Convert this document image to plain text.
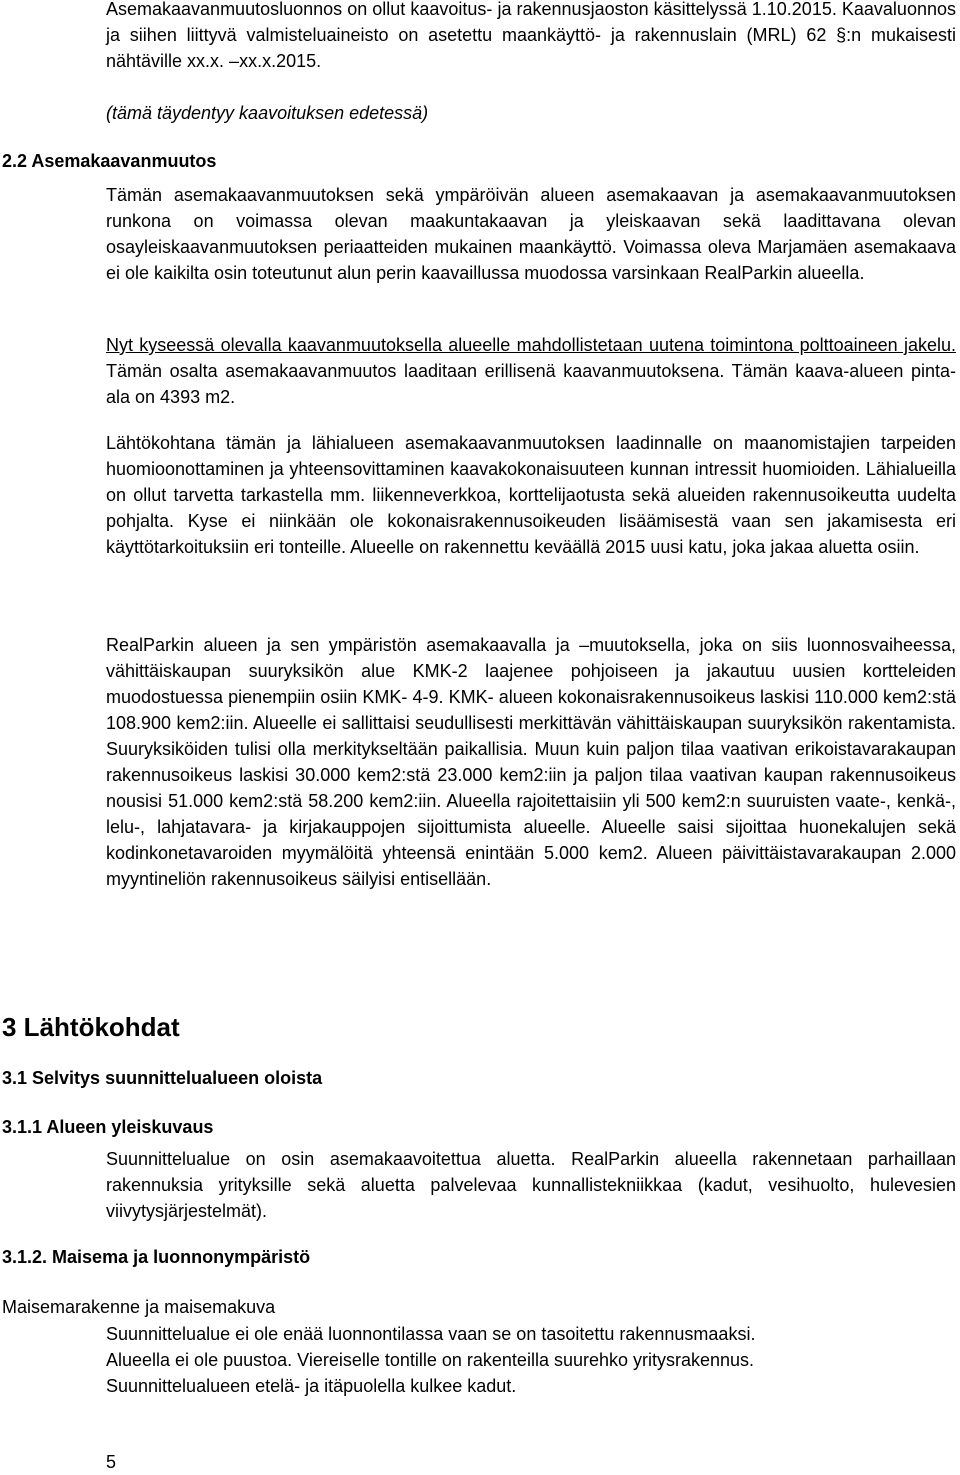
Asemakaavanmuutosluonnos on ollut kaavoitus- ja rakennusjaoston käsittelyssä 1.10.2015. Kaavaluonnos ja siihen liittyvä valmisteluaineisto on asetettu maankäyttö- ja rakennuslain (MRL) 62 §:n mukaisesti nähtäville xx.x. –xx.x.2015.

(tämä täydentyy kaavoituksen edetessä)

2.2 Asemakaavanmuutos

Tämän asemakaavanmuutoksen sekä ympäröivän alueen asemakaavan ja asemakaavanmuutoksen runkona on voimassa olevan maakuntakaavan ja yleiskaavan sekä laadittavana olevan osayleiskaavanmuutoksen periaatteiden mukainen maankäyttö. Voimassa oleva Marjamäen asemakaava ei ole kaikilta osin toteutunut alun perin kaavaillussa muodossa varsinkaan RealParkin alueella.

Nyt kyseessä olevalla kaavanmuutoksella alueelle mahdollistetaan uutena toimintona polttoaineen jakelu. Tämän osalta asemakaavanmuutos laaditaan erillisenä kaavanmuutoksena. Tämän kaava-alueen pinta-ala on 4393 m2.

Lähtökohtana tämän ja lähialueen asemakaavanmuutoksen laadinnalle on maanomistajien tarpeiden huomioonottaminen ja yhteensovittaminen kaavakokonaisuuteen kunnan intressit huomioiden. Lähialueilla on ollut tarvetta tarkastella mm. liikenneverkkoa, korttelijaotusta sekä alueiden rakennusoikeutta uudelta pohjalta. Kyse ei niinkään ole kokonaisrakennusoikeuden lisäämisestä vaan sen jakamisesta eri käyttötarkoituksiin eri tonteille. Alueelle on rakennettu keväällä 2015 uusi katu, joka jakaa aluetta osiin.

RealParkin alueen ja sen ympäristön asemakaavalla ja –muutoksella, joka on siis luonnosvaiheessa, vähittäiskaupan suuryksikön alue KMK-2 laajenee pohjoiseen ja jakautuu uusien kortteleiden muodostuessa pienempiin osiin KMK- 4-9. KMK- alueen kokonaisrakennusoikeus laskisi 110.000 kem2:stä 108.900 kem2:iin. Alueelle ei sallittaisi seudullisesti merkittävän vähittäiskaupan suuryksikön rakentamista. Suuryksiköiden tulisi olla merkitykseltään paikallisia. Muun kuin paljon tilaa vaativan erikoistavarakaupan rakennusoikeus laskisi 30.000 kem2:stä 23.000 kem2:iin ja paljon tilaa vaativan kaupan rakennusoikeus nousisi 51.000 kem2:stä 58.200 kem2:iin. Alueella rajoitettaisiin yli 500 kem2:n suuruisten vaate-, kenkä-, lelu-, lahjatavara- ja kirjakauppojen sijoittumista alueelle. Alueelle saisi sijoittaa huonekalujen sekä kodinkonetavaroiden myymälöitä yhteensä enintään 5.000 kem2. Alueen päivittäistavarakaupan 2.000 myyntineliön rakennusoikeus säilyisi entisellään.

3 Lähtökohdat
3.1 Selvitys suunnittelualueen oloista
3.1.1 Alueen yleiskuvaus

Suunnittelualue on osin asemakaavoitettua aluetta. RealParkin alueella rakennetaan parhaillaan rakennuksia yrityksille sekä aluetta palvelevaa kunnallistekniikkaa (kadut, vesihuolto, hulevesien viivytysjärjestelmät).

3.1.2. Maisema ja luonnonympäristö

Maisemarakenne ja maisemakuva

Suunnittelualue ei ole enää luonnontilassa vaan se on tasoitettu rakennusmaaksi.

Alueella ei ole puustoa. Viereiselle tontille on rakenteilla suurehko yritysrakennus.

Suunnittelualueen etelä- ja itäpuolella kulkee kadut.

5
